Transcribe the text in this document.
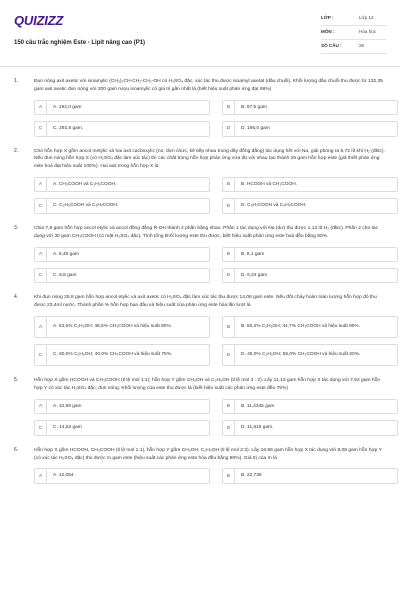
QUIZIZZ
150 câu trắc nghiệm Este - Lipit nâng cao (P1)
LỚP :	Lớp 12
MÔN :	Hóa học
SỐ CÂU :	25
1.	Đun nóng axit axetic với isoamylic (CH₃)₂CH-CH₂-CH₂-OH có H₂SO₄ đặc, xúc tác thu được isoamyl axetat (dầu chuối). Khối lượng dầu chuối thu được từ 132,35 gam axit axetic đun nóng với 200 gam rượu isoamylic có giá trị gần nhất là (biết hiệu suất phản ứng đạt 68%)
A	A. 192,0 gam	B	B. 97,5 gam
C	C. 292,5 gam.	D	D. 195,0 gam
2.	Cho hỗn hợp X gồm ancol metylic và hai axit cacboxylic (no, đơn chức, kế tiếp nhau trong dãy đồng đẳng) tác dụng hết với Na, giải phóng ra 6,72 lít khí H₂ (đktc). Nếu đun nóng hỗn hợp X (có H₂SO₄ đặc làm xúc tác) thì các chất trong hỗn hợp phản ứng vừa đủ với nhau tạo thành 25 gam hỗn hợp este (giả thiết phản ứng este hoá đạt hiệu suất 100%). Hai axit trong hỗn hợp X là
A	A. CH₃COOH và C₂H₅COOH.	B	B. HCOOH và CH₃COOH.
C	C. C₂H₅COOH và C₃H₇COOH.	D	D. C₃H₇COOH và C₄H₉COOH.
3.	Chia 7,8 gam hỗn hợp ancol etylic và ancol đồng đẳng R-OH thành 2 phần bằng nhau. Phần 1 tác dụng với Na (dư) thu được 1,12 lít H₂ (đktc). Phần 2 cho tác dụng với 30 gam CH₃COOH (có mặt H₂SO₄ đặc). Tính tổng khối lượng este thu được, biết hiệu suất phản ứng este hoá đều bằng 80%.
A	A. 6,48 gam	B	B. 8,1 gam
C	C. 8,8 gam	D	D. 6,24 gam
4.	Khi đun nóng 25,8 gam hỗn hợp ancol etylic và axit axetic có H₂SO₄ đặc làm xúc tác thu được 14,08 gam este. Nếu đốt cháy hoàn toàn lượng hỗn hợp đó thu được 23,4ml nước. Thành phần % hỗn hợp ban đầu và hiệu suất của phản ứng este hóa lần lượt là
A	A. 53,5% C₂H₅OH; 46,5% CH₃COOH và hiệu suất 80%.	B	B. 55,3% C₂H₅OH; 44,7% CH₃COOH và hiệu suất 80%.
C	C. 60,0% C₂H₅OH; 40,0% CH₃COOH và hiệu suất 75%.	D	D. 45,0% C₂H₅OH; 55,0% CH₃COOH và hiệu suất 60%.
5.	Hỗn hợp X gồm HCOOH và CH₃COOH (tỉ lệ mol 1:1); hỗn hợp Y gồm CH₃OH và C₂H₅OH (tỉ lệ mol 3 : 2). Lấy 11,13 gam hỗn hợp X tác dụng với 7,52 gam hỗn hợp Y có xúc tác H₂SO₄ đặc, đun nóng. Khối lượng của este thu được là (biết hiệu suất các phản ứng este đều 75%)
A	A. 10,89 gam	B	B. 11,4345 gam
C	C. 14,52 gam	D	D. 11,616 gam.
6.	Hỗn hợp X gồm HCOOH, CH₃COOH (tỉ lệ mol 1:1), hỗn hợp Y gồm CH₃OH, C₂H₅OH (tỉ lệ mol 2:3). Lấy 16,96 gam hỗn hợp X tác dụng với 8,08 gam hỗn hợp Y (có xúc tác H₂SO₄ đặc) thu được m gam este (hiệu suất các phản ứng este hóa đều bằng 80%). Giá trị của m là
A	A. 12,064	B	B. 22,736
